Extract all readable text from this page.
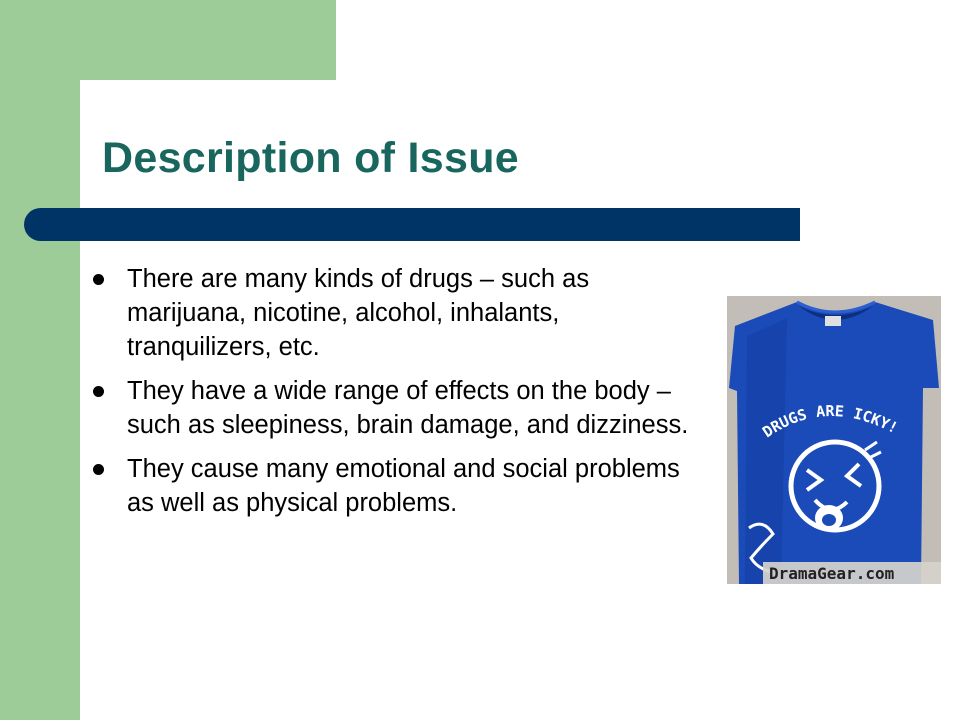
Description of Issue
There are many kinds of drugs – such as marijuana, nicotine, alcohol, inhalants, tranquilizers, etc.
They have a wide range of effects on the body – such as sleepiness, brain damage, and dizziness.
They cause many emotional and social problems as well as physical problems.
DRUGS ARE ICKY!
DramaGear.com
